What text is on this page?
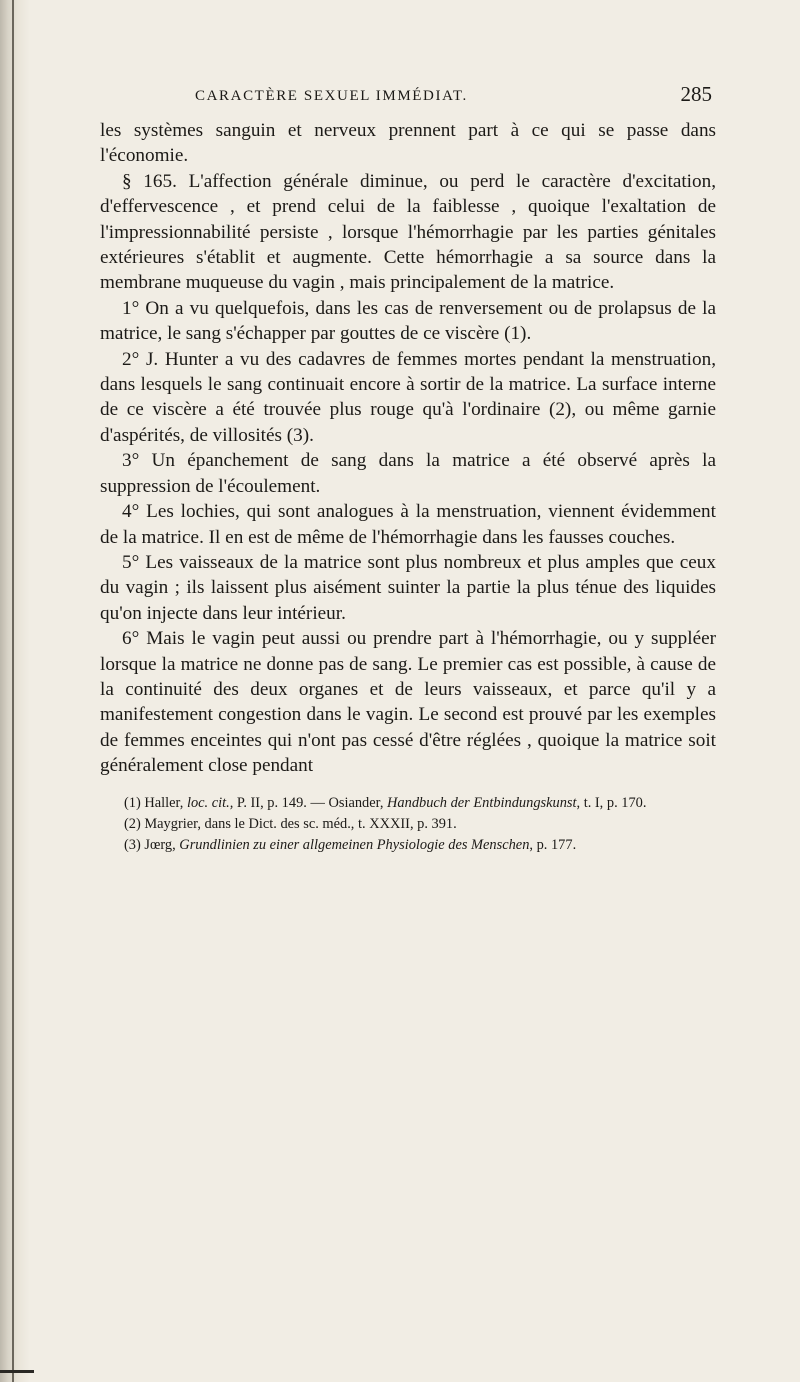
CARACTÈRE SEXUEL IMMÉDIAT.	285

les systèmes sanguin et nerveux prennent part à ce qui se passe dans l'économie.

§ 165. L'affection générale diminue, ou perd le caractère d'excitation, d'effervescence , et prend celui de la faiblesse , quoique l'exaltation de l'impressionnabilité persiste , lorsque l'hémorrhagie par les parties génitales extérieures s'établit et augmente. Cette hémorrhagie a sa source dans la membrane muqueuse du vagin , mais principalement de la matrice.

1° On a vu quelquefois, dans les cas de renversement ou de prolapsus de la matrice, le sang s'échapper par gouttes de ce viscère (1).

2° J. Hunter a vu des cadavres de femmes mortes pendant la menstruation, dans lesquels le sang continuait encore à sortir de la matrice. La surface interne de ce viscère a été trouvée plus rouge qu'à l'ordinaire (2), ou même garnie d'aspérités, de villosités (3).

3° Un épanchement de sang dans la matrice a été observé après la suppression de l'écoulement.

4° Les lochies, qui sont analogues à la menstruation, viennent évidemment de la matrice. Il en est de même de l'hémorrhagie dans les fausses couches.

5° Les vaisseaux de la matrice sont plus nombreux et plus amples que ceux du vagin ; ils laissent plus aisément suinter la partie la plus ténue des liquides qu'on injecte dans leur intérieur.

6° Mais le vagin peut aussi ou prendre part à l'hémorrhagie, ou y suppléer lorsque la matrice ne donne pas de sang. Le premier cas est possible, à cause de la continuité des deux organes et de leurs vaisseaux, et parce qu'il y a manifestement congestion dans le vagin. Le second est prouvé par les exemples de femmes enceintes qui n'ont pas cessé d'être réglées , quoique la matrice soit généralement close pendant

(1) Haller, loc. cit., P. II, p. 149. — Osiander, Handbuch der Entbindungskunst, t. I, p. 170.

(2) Maygrier, dans le Dict. des sc. méd., t. XXXII, p. 391.

(3) Jœrg, Grundlinien zu einer allgemeinen Physiologie des Menschen, p. 177.
